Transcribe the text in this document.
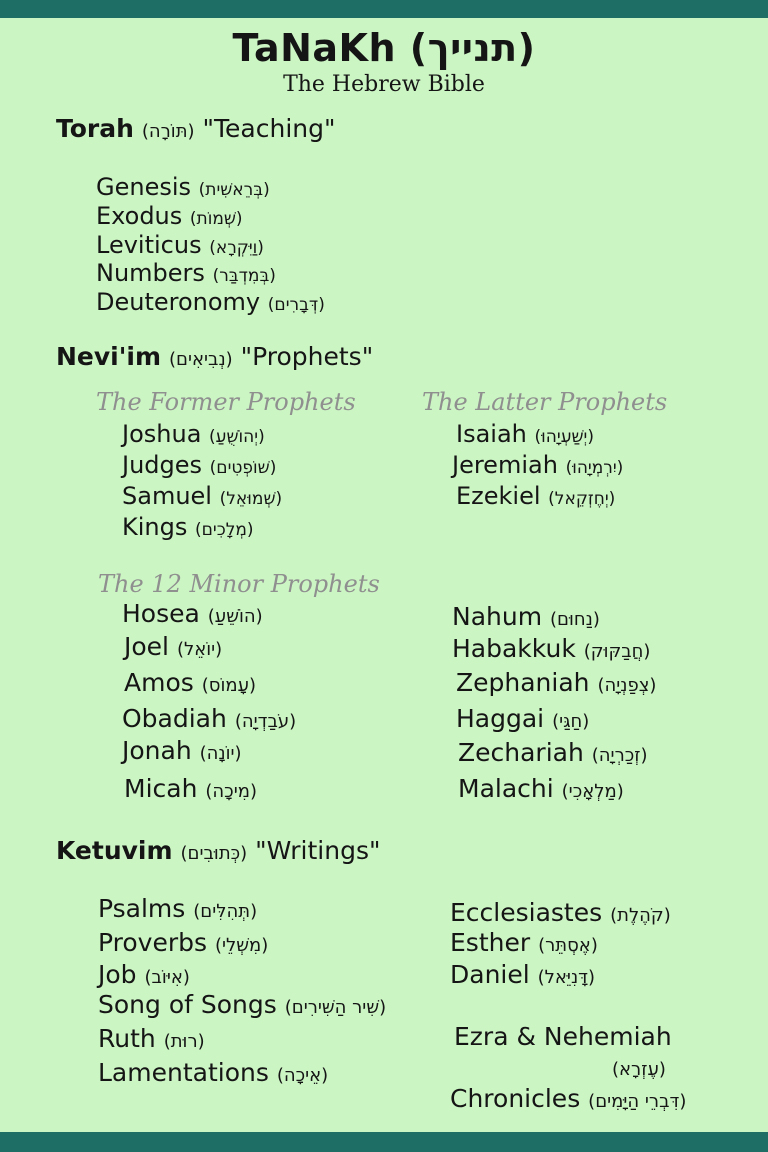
TaNaKh (תנייך)
The Hebrew Bible
Torah (תּוֹרָה) "Teaching"
Genesis (בְּרֵאשִׁית)
Exodus (שְׁמוֹת)
Leviticus (וַיִּקְרָא)
Numbers (בְּמִדְבַּר)
Deuteronomy (דְּבָרִים)
Nevi'im (נְבִיאִים) "Prophets"
The Former Prophets	The Latter Prophets
Joshua (יְהוֹשֻׁעַ)
Judges (שׁוֹפְטִים)
Samuel (שְׁמוּאֵל)
Kings (מְלָכִים)
Isaiah (יְשַׁעְיָהוּ)
Jeremiah (יִרְמְיָהוּ)
Ezekiel (יְחֶזְקֵאל)
The 12 Minor Prophets
Hosea (הוֹשֵׁעַ)
Joel (יוֹאֵל)
Amos (עָמוֹס)
Obadiah (עֹבַדְיָה)
Jonah (יוֹנָה)
Micah (מִיכָה)
Nahum (נַחוּם)
Habakkuk (חֲבַקּוּק)
Zephaniah (צְפַנְיָה)
Haggai (חַגַּי)
Zechariah (זְכַרְיָה)
Malachi (מַלְאָכִי)
Ketuvim (כְּתוּבִים) "Writings"
Psalms (תְּהִלִּים)
Proverbs (מִשְׁלֵי)
Job (אִיּוֹב)
Song of Songs (שִׁיר הַשִּׁירִים)
Ruth (רוּת)
Lamentations (אֵיכָה)
Ecclesiastes (קֹהֶלֶת)
Esther (אֶסְתֵּר)
Daniel (דָּנִיֵּאל)
Ezra & Nehemiah
(עֶזְרָא)
Chronicles (דִּבְרֵי הַיָּמִים)
